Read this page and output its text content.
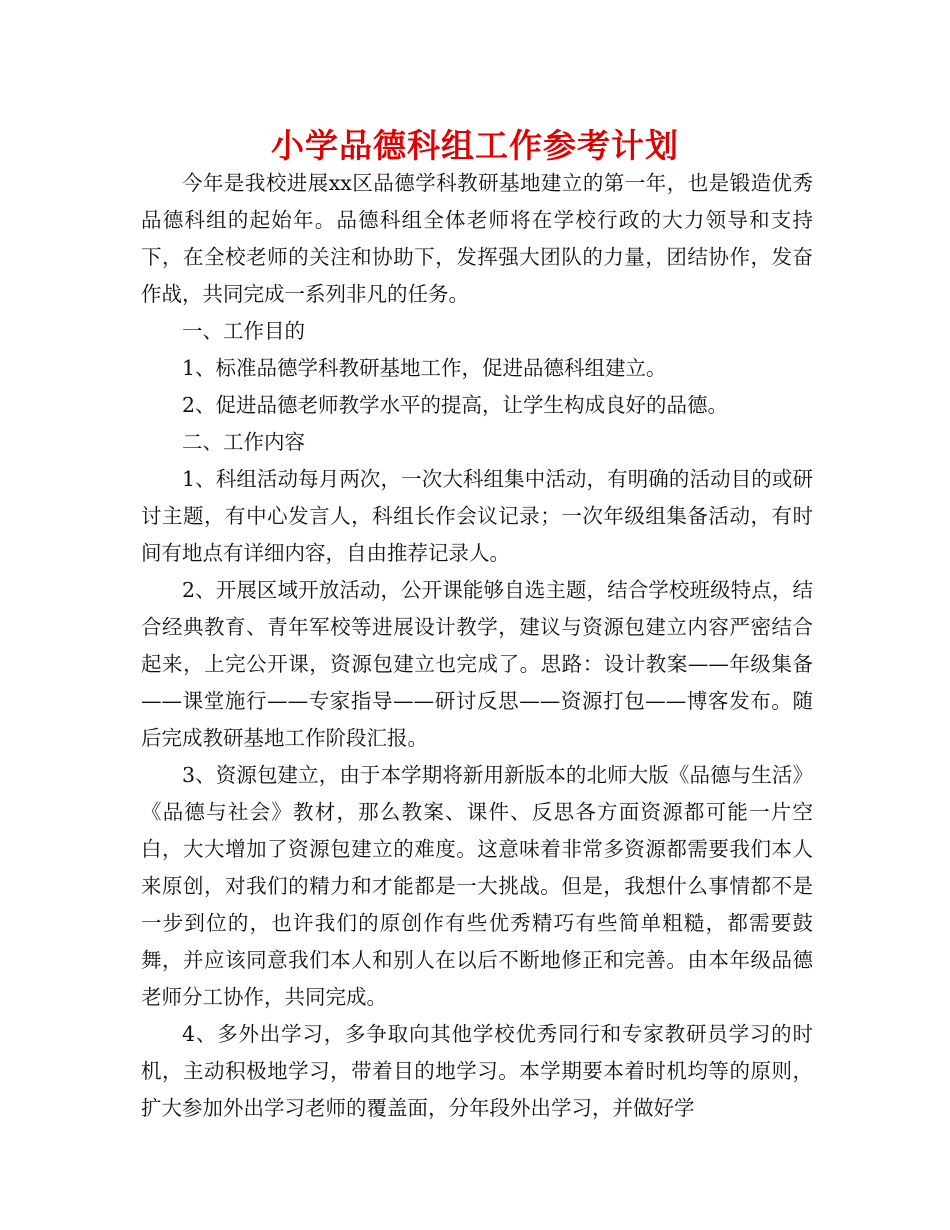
小学品德科组工作参考计划

今年是我校进展xx区品德学科教研基地建立的第一年，也是锻造优秀品德科组的起始年。品德科组全体老师将在学校行政的大力领导和支持下，在全校老师的关注和协助下，发挥强大团队的力量，团结协作，发奋作战，共同完成一系列非凡的任务。

一、工作目的

1、标准品德学科教研基地工作，促进品德科组建立。

2、促进品德老师教学水平的提高，让学生构成良好的品德。

二、工作内容

1、科组活动每月两次，一次大科组集中活动，有明确的活动目的或研讨主题，有中心发言人，科组长作会议记录；一次年级组集备活动，有时间有地点有详细内容，自由推荐记录人。

2、开展区域开放活动，公开课能够自选主题，结合学校班级特点，结合经典教育、青年军校等进展设计教学，建议与资源包建立内容严密结合起来，上完公开课，资源包建立也完成了。思路：设计教案——年级集备——课堂施行——专家指导——研讨反思——资源打包——博客发布。随后完成教研基地工作阶段汇报。

3、资源包建立，由于本学期将新用新版本的北师大版《品德与生活》《品德与社会》教材，那么教案、课件、反思各方面资源都可能一片空白，大大增加了资源包建立的难度。这意味着非常多资源都需要我们本人来原创，对我们的精力和才能都是一大挑战。但是，我想什么事情都不是一步到位的，也许我们的原创作有些优秀精巧有些简单粗糙，都需要鼓舞，并应该同意我们本人和别人在以后不断地修正和完善。由本年级品德老师分工协作，共同完成。

4、多外出学习，多争取向其他学校优秀同行和专家教研员学习的时机，主动积极地学习，带着目的地学习。本学期要本着时机均等的原则，扩大参加外出学习老师的覆盖面，分年段外出学习，并做好学
